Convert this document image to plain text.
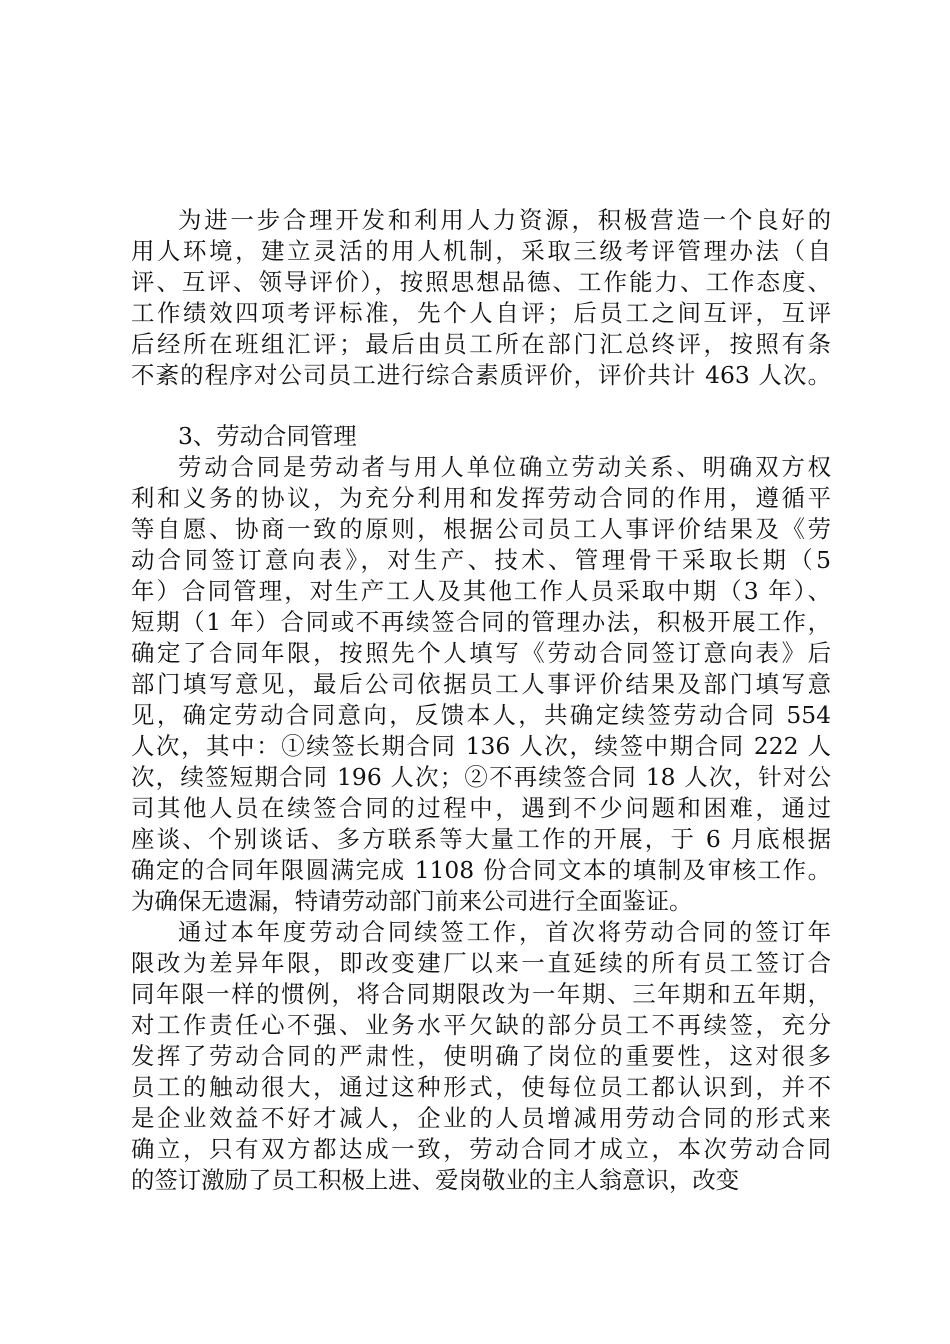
为进一步合理开发和利用人力资源，积极营造一个良好的
用人环境，建立灵活的用人机制，采取三级考评管理办法（自
评、互评、领导评价），按照思想品德、工作能力、工作态度、
工作绩效四项考评标准，先个人自评；后员工之间互评，互评
后经所在班组汇评；最后由员工所在部门汇总终评，按照有条
不紊的程序对公司员工进行综合素质评价，评价共计 463 人次。
3、劳动合同管理
劳动合同是劳动者与用人单位确立劳动关系、明确双方权
利和义务的协议，为充分利用和发挥劳动合同的作用，遵循平
等自愿、协商一致的原则，根据公司员工人事评价结果及《劳
动合同签订意向表》，对生产、技术、管理骨干采取长期（5
年）合同管理，对生产工人及其他工作人员采取中期（3 年）、
短期（1 年）合同或不再续签合同的管理办法，积极开展工作，
确定了合同年限，按照先个人填写《劳动合同签订意向表》后
部门填写意见，最后公司依据员工人事评价结果及部门填写意
见，确定劳动合同意向，反馈本人，共确定续签劳动合同 554
人次，其中：①续签长期合同 136 人次，续签中期合同 222 人
次，续签短期合同 196 人次；②不再续签合同 18 人次，针对公
司其他人员在续签合同的过程中，遇到不少问题和困难，通过
座谈、个别谈话、多方联系等大量工作的开展，于 6 月底根据
确定的合同年限圆满完成 1108 份合同文本的填制及审核工作。
为确保无遗漏，特请劳动部门前来公司进行全面鉴证。
通过本年度劳动合同续签工作，首次将劳动合同的签订年
限改为差异年限，即改变建厂以来一直延续的所有员工签订合
同年限一样的惯例，将合同期限改为一年期、三年期和五年期，
对工作责任心不强、业务水平欠缺的部分员工不再续签，充分
发挥了劳动合同的严肃性，使明确了岗位的重要性，这对很多
员工的触动很大，通过这种形式，使每位员工都认识到，并不
是企业效益不好才减人，企业的人员增减用劳动合同的形式来
确立，只有双方都达成一致，劳动合同才成立，本次劳动合同
的签订激励了员工积极上进、爱岗敬业的主人翁意识，改变
